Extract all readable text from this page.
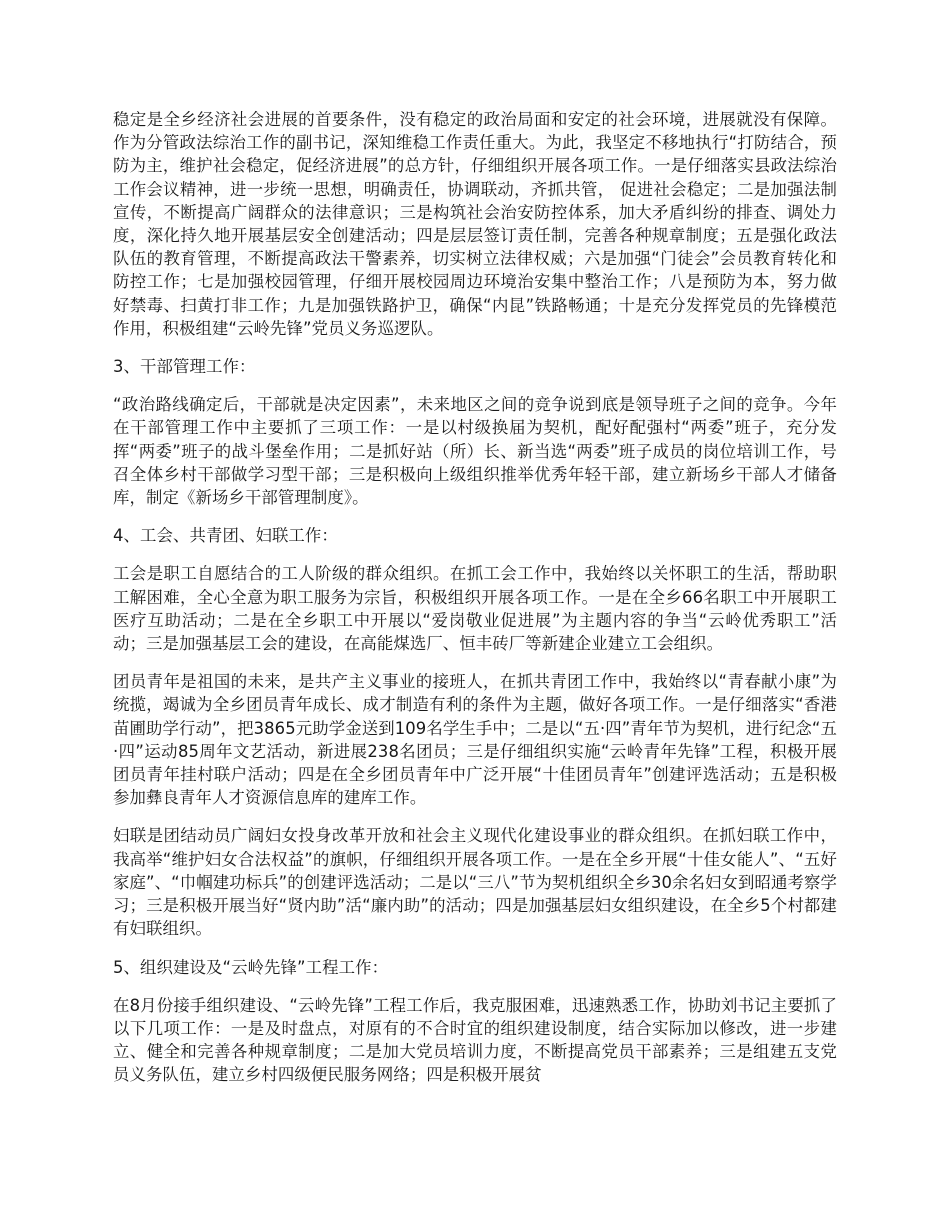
稳定是全乡经济社会进展的首要条件，没有稳定的政治局面和安定的社会环境，进展就没有保障。作为分管政法综治工作的副书记，深知维稳工作责任重大。为此，我坚定不移地执行“打防结合，预防为主，维护社会稳定，促经济进展”的总方针，仔细组织开展各项工作。一是仔细落实县政法综治工作会议精神，进一步统一思想，明确责任，协调联动，齐抓共管， 促进社会稳定；二是加强法制宣传，不断提高广阔群众的法律意识；三是构筑社会治安防控体系，加大矛盾纠纷的排查、调处力度，深化持久地开展基层安全创建活动；四是层层签订责任制，完善各种规章制度；五是强化政法队伍的教育管理，不断提高政法干警素养，切实树立法律权威；六是加强“门徒会”会员教育转化和防控工作；七是加强校园管理，仔细开展校园周边环境治安集中整治工作；八是预防为本，努力做好禁毒、扫黄打非工作；九是加强铁路护卫，确保“内昆”铁路畅通；十是充分发挥党员的先锋模范作用，积极组建“云岭先锋”党员义务巡逻队。

3、干部管理工作：

“政治路线确定后，干部就是决定因素”，未来地区之间的竞争说到底是领导班子之间的竞争。今年在干部管理工作中主要抓了三项工作：一是以村级换届为契机，配好配强村“两委”班子，充分发挥“两委”班子的战斗堡垒作用；二是抓好站（所）长、新当选“两委”班子成员的岗位培训工作，号召全体乡村干部做学习型干部；三是积极向上级组织推举优秀年轻干部，建立新场乡干部人才储备库，制定《新场乡干部管理制度》。

4、工会、共青团、妇联工作：

工会是职工自愿结合的工人阶级的群众组织。在抓工会工作中，我始终以关怀职工的生活，帮助职工解困难，全心全意为职工服务为宗旨，积极组织开展各项工作。一是在全乡66名职工中开展职工医疗互助活动；二是在全乡职工中开展以“爱岗敬业促进展”为主题内容的争当“云岭优秀职工”活动；三是加强基层工会的建设，在高能煤选厂、恒丰砖厂等新建企业建立工会组织。

团员青年是祖国的未来，是共产主义事业的接班人，在抓共青团工作中，我始终以“青春献小康”为统揽，竭诚为全乡团员青年成长、成才制造有利的条件为主题，做好各项工作。一是仔细落实“香港苗圃助学行动”，把3865元助学金送到109名学生手中；二是以“五·四”青年节为契机，进行纪念“五·四”运动85周年文艺活动，新进展238名团员；三是仔细组织实施“云岭青年先锋”工程，积极开展团员青年挂村联户活动；四是在全乡团员青年中广泛开展“十佳团员青年”创建评选活动；五是积极参加彝良青年人才资源信息库的建库工作。

妇联是团结动员广阔妇女投身改革开放和社会主义现代化建设事业的群众组织。在抓妇联工作中，我高举“维护妇女合法权益”的旗帜，仔细组织开展各项工作。一是在全乡开展“十佳女能人”、“五好家庭”、“巾帼建功标兵”的创建评选活动；二是以“三八”节为契机组织全乡30余名妇女到昭通考察学习；三是积极开展当好“贤内助”活“廉内助”的活动；四是加强基层妇女组织建设，在全乡5个村都建有妇联组织。

5、组织建设及“云岭先锋”工程工作：

在8月份接手组织建设、“云岭先锋”工程工作后，我克服困难，迅速熟悉工作，协助刘书记主要抓了以下几项工作：一是及时盘点，对原有的不合时宜的组织建设制度，结合实际加以修改，进一步建立、健全和完善各种规章制度；二是加大党员培训力度，不断提高党员干部素养；三是组建五支党员义务队伍，建立乡村四级便民服务网络；四是积极开展贫
